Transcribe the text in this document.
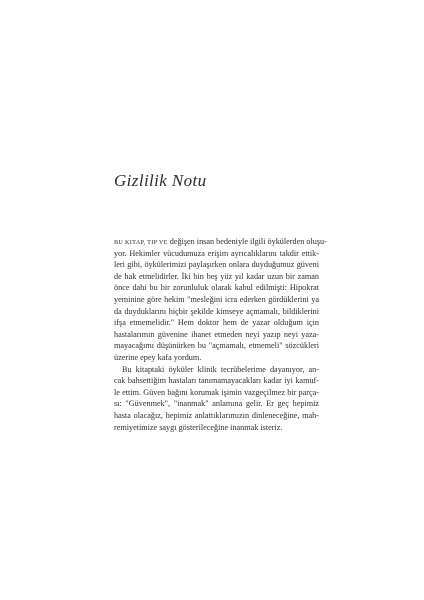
Gizlilik Notu
BU KITAP, TIP VE değişen insan bedeniyle ilgili öykülerden oluşu-
yor. Hekimler vücudumuza erişim ayrıcalıklarını takdir ettik-
leri gibi, öykülerimizi paylaşırken onlara duyduğumuz güveni
de hak etmelidirler. İki bin beş yüz yıl kadar uzun bir zaman
önce dahi bu bir zorunluluk olarak kabul edilmişti: Hipokrat
yeminine göre hekim "mesleğini icra ederken gördüklerini ya
da duyduklarını hiçbir şekilde kimseye açmamalı, bildiklerini
ifşa etmemelidir." Hem doktor hem de yazar olduğum için
hastalarımın güvenine ihanet etmeden neyi yazıp neyi yaza-
mayacağımı düşünürken bu "açmamalı, etmemeli" sözcükleri
üzerine epey kafa yordum.
Bu kitaptaki öyküler klinik tecrübelerime dayanıyor, an-
cak bahsettiğim hastaları tanımamayacakları kadar iyi kamuf-
le ettim. Güven bağını korumak işimin vazgeçilmez bir parça-
sı: "Güvenmek", "inanmak" anlamına gelir. Er geç hepimiz
hasta olacağız, hepimiz anlattıklarımızın dinleneceğine, mah-
remiyetimize saygı gösterileceğine inanmak isteriz.
